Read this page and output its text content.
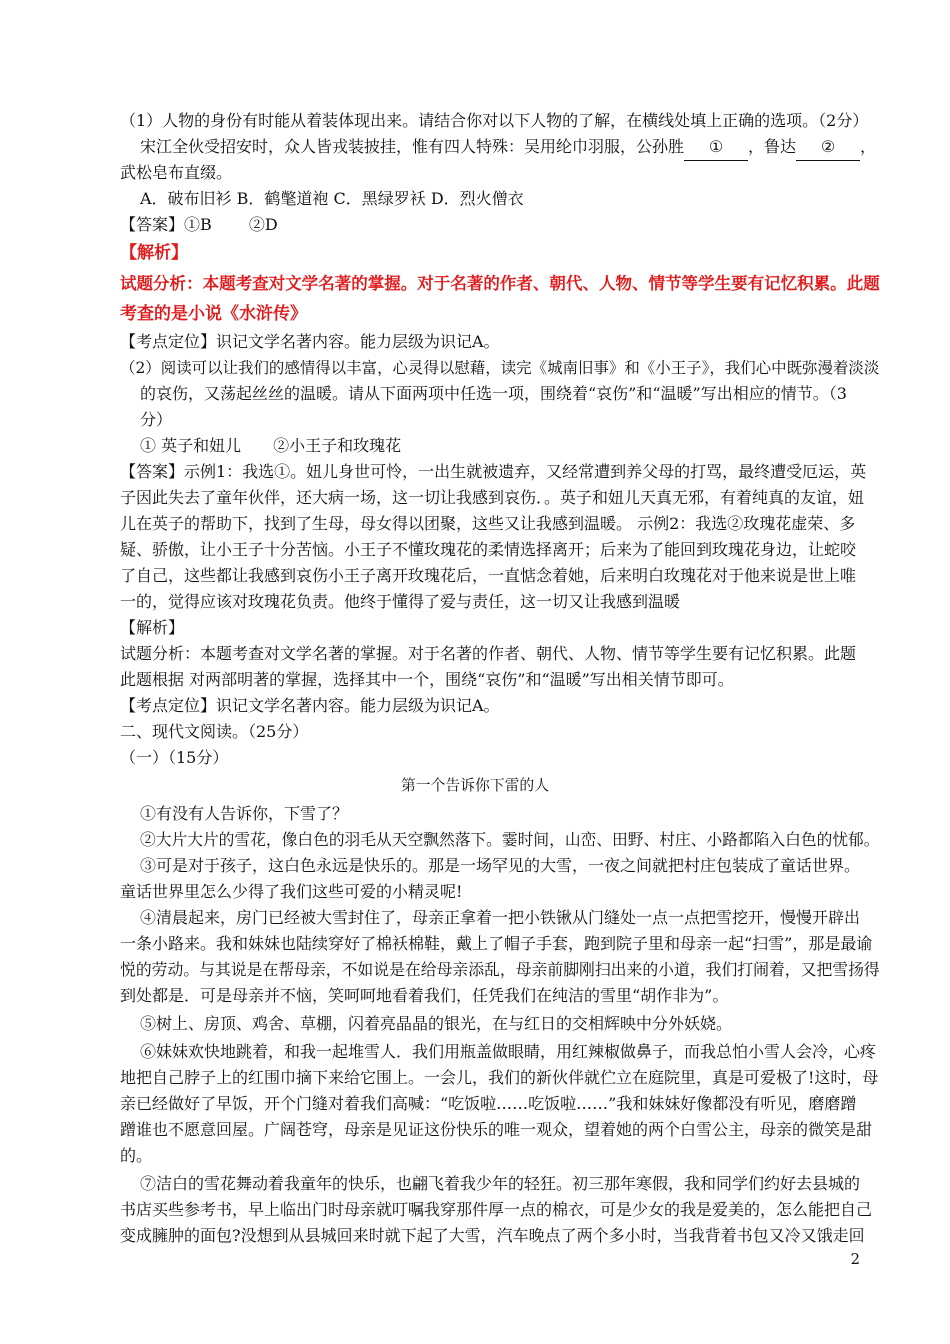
（1）人物的身份有时能从着装体现出来。请结合你对以下人物的了解，在横线处填上正确的选项。（2分）
宋江全伙受招安时，众人皆戎装披挂，惟有四人特殊：吴用纶巾羽服，公孙胜 ① ，鲁达 ② ，
武松皂布直缀。
A．破布旧衫 B．鹤氅道袍 C．黑绿罗袄 D．烈火僧衣
【答案】①B　　 ②D
【解析】
试题分析：本题考查对文学名著的掌握。对于名著的作者、朝代、人物、情节等学生要有记忆积累。此题
考查的是小说《水浒传》
【考点定位】识记文学名著内容。能力层级为识记A。
（2）阅读可以让我们的感情得以丰富，心灵得以慰藉，读完《城南旧事》和《小王子》，我们心中既弥漫着淡淡
的哀伤，又荡起丝丝的温暖。请从下面两项中任选一项，围绕着“哀伤”和“温暖”写出相应的情节。（3
分）
① 英子和妞儿　　②小王子和玫瑰花
【答案】示例1：我选①。妞儿身世可怜，一出生就被遗弃，又经常遭到养父母的打骂，最终遭受厄运，英
子因此失去了童年伙伴，还大病一场，这一切让我感到哀伤．。英子和妞儿天真无邪，有着纯真的友谊，妞
儿在英子的帮助下，找到了生母，母女得以团聚，这些又让我感到温暖。 示例2：我选②玫瑰花虚荣、多
疑、骄傲，让小王子十分苦恼。小王子不懂玫瑰花的柔情选择离开；后来为了能回到玫瑰花身边，让蛇咬
了自己，这些都让我感到哀伤小王子离开玫瑰花后，一直惦念着她，后来明白玫瑰花对于他来说是世上唯
一的，觉得应该对玫瑰花负责。他终于懂得了爱与责任，这一切又让我感到温暖
【解析】
试题分析：本题考查对文学名著的掌握。对于名著的作者、朝代、人物、情节等学生要有记忆积累。此题
此题根据 对两部明著的掌握，选择其中一个，围绕“哀伤”和“温暖”写出相关情节即可。
【考点定位】识记文学名著内容。能力层级为识记A。
二、现代文阅读。（25分）
（一）（15分）
第一个告诉你下雷的人
①有没有人告诉你，下雪了？
②大片大片的雪花，像白色的羽毛从天空飘然落下。霎时间，山峦、田野、村庄、小路都陷入白色的忧郁。
③可是对于孩子，这白色永远是快乐的。那是一场罕见的大雪，一夜之间就把村庄包装成了童话世界。
童话世界里怎么少得了我们这些可爱的小精灵呢!
④清晨起来，房门已经被大雪封住了，母亲正拿着一把小铁锹从门缝处一点一点把雪挖开，慢慢开辟出
一条小路来。我和妹妹也陆续穿好了棉袄棉鞋，戴上了帽子手套，跑到院子里和母亲一起“扫雪”，那是最谕
悦的劳动。与其说是在帮母亲，不如说是在给母亲添乱，母亲前脚刚扫出来的小道，我们打闹着，又把雪扬得
到处都是．可是母亲并不恼，笑呵呵地看着我们，任凭我们在纯洁的雪里“胡作非为”。
⑤树上、房顶、鸡舍、草棚，闪着亮晶晶的银光，在与红日的交相辉映中分外妖娆。
⑥妹妹欢快地跳着，和我一起堆雪人．我们用瓶盖做眼睛，用红辣椒做鼻子，而我总怕小雪人会冷，心疼
地把自己脖子上的红围巾摘下来给它围上。一会儿，我们的新伙伴就伫立在庭院里，真是可爱极了!这时，母
亲已经做好了早饭，开个门缝对着我们高喊：“吃饭啦……吃饭啦……”我和妹妹好像都没有听见，磨磨蹭
蹭谁也不愿意回屋。广阔苍穹，母亲是见证这份快乐的唯一观众，望着她的两个白雪公主，母亲的微笑是甜
的。
⑦洁白的雪花舞动着我童年的快乐，也翩飞着我少年的轻狂。初三那年寒假，我和同学们约好去县城的
书店买些参考书，早上临出门时母亲就叮嘱我穿那件厚一点的棉衣，可是少女的我是爱美的，怎么能把自己
变成臃肿的面包?没想到从县城回来时就下起了大雪，汽车晚点了两个多小时，当我背着书包又冷又饿走回
2
